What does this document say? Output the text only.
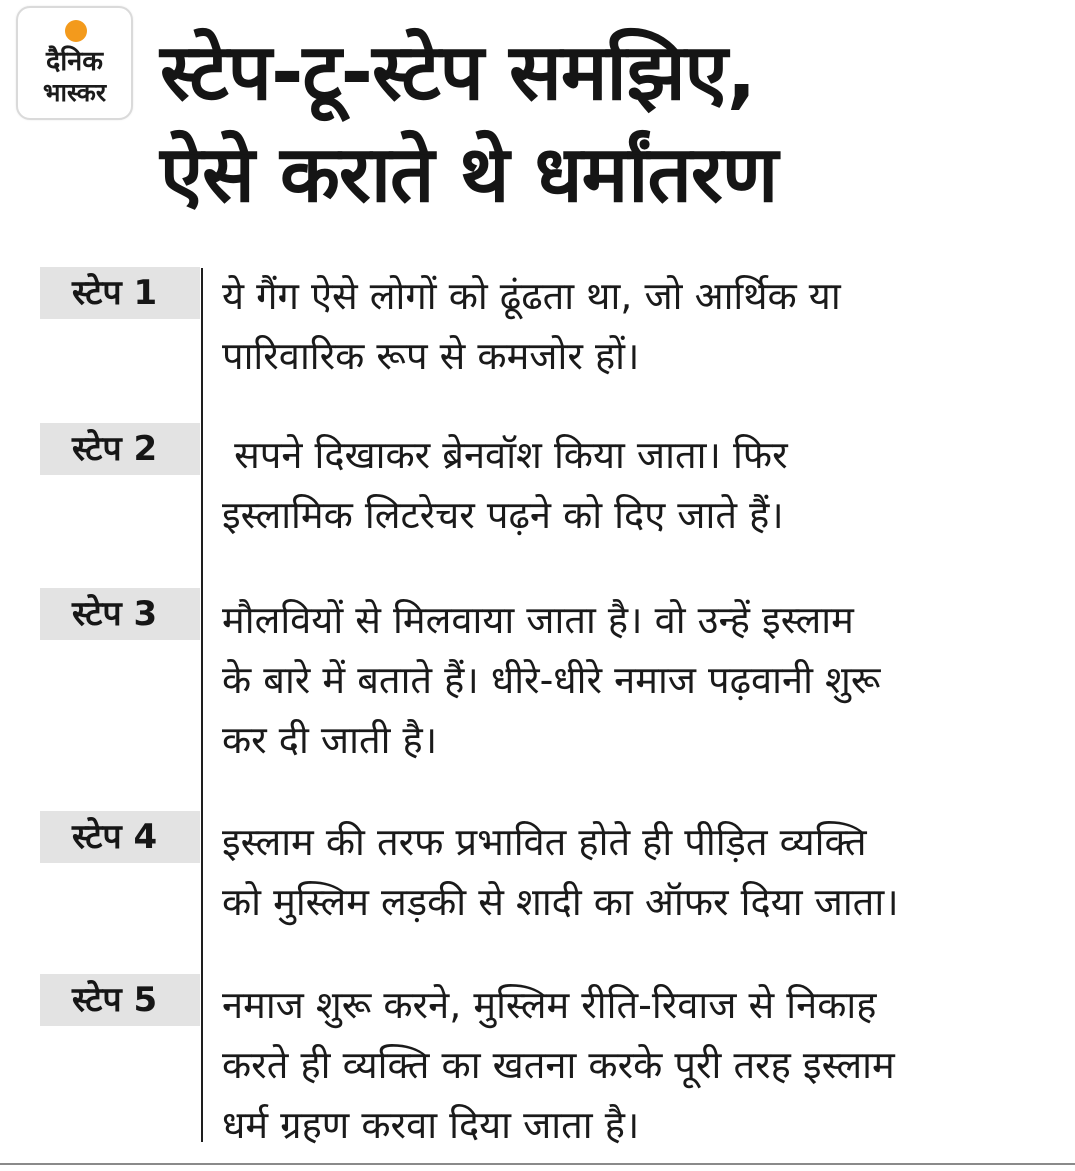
दैनिक
भास्कर स्टेप-टू-स्टेप समझिए,
ऐसे कराते थे धर्मांतरण
स्टेप 1	ये गैंग ऐसे लोगों को ढूंढता था, जो आर्थिक या
पारिवारिक रूप से कमजोर हों।
स्टेप 2	सपने दिखाकर ब्रेनवॉश किया जाता। फिर
इस्लामिक लिटरेचर पढ़ने को दिए जाते हैं।
स्टेप 3	मौलवियों से मिलवाया जाता है। वो उन्हें इस्लाम
के बारे में बताते हैं। धीरे-धीरे नमाज पढ़वानी शुरू
कर दी जाती है।
स्टेप 4	इस्लाम की तरफ प्रभावित होते ही पीड़ित व्यक्ति
को मुस्लिम लड़की से शादी का ऑफर दिया जाता।
स्टेप 5	नमाज शुरू करने, मुस्लिम रीति-रिवाज से निकाह
करते ही व्यक्ति का खतना करके पूरी तरह इस्लाम
धर्म ग्रहण करवा दिया जाता है।
